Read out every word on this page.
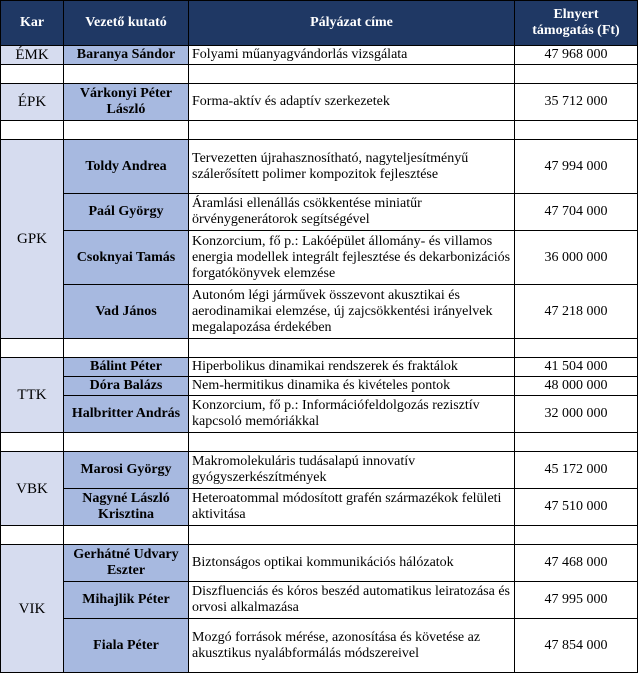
Kar	Vezető kutató	Pályázat címe	Elnyert
támogatás (Ft)
ÉMK	Baranya Sándor	Folyami műanyagvándorlás vizsgálata	47 968 000

ÉPK	Várkonyi Péter László	Forma-aktív és adaptív szerkezetek	35 712 000

GPK	Toldy Andrea	Tervezetten újrahasznosítható, nagyteljesítményű szálerősített polimer kompozitok fejlesztése	47 994 000
	Paál György	Áramlási ellenállás csökkentése miniatűr örvénygenerátorok segítségével	47 704 000
	Csoknyai Tamás	Konzorcium, fő p.: Lakóépület állomány- és villamos energia modellek integrált fejlesztése és dekarbonizációs forgatókönyvek elemzése	36 000 000
	Vad János	Autonóm légi járművek összevont akusztikai és aerodinamikai elemzése, új zajcsökkentési irányelvek megalapozása érdekében	47 218 000

TTK	Bálint Péter	Hiperbolikus dinamikai rendszerek és fraktálok	41 504 000
	Dóra Balázs	Nem-hermitikus dinamika és kivételes pontok	48 000 000
	Halbritter András	Konzorcium, fő p.: Információfeldolgozás rezisztív kapcsoló memóriákkal	32 000 000

VBK	Marosi György	Makromolekuláris tudásalapú innovatív gyógyszerkészítmények	45 172 000
	Nagyné László Krisztina	Heteroatommal módosított grafén származékok felületi aktivitása	47 510 000

VIK	Gerhátné Udvary Eszter	Biztonságos optikai kommunikációs hálózatok	47 468 000
	Mihajlik Péter	Diszfluenciás és kóros beszéd automatikus leiratozása és orvosi alkalmazása	47 995 000
	Fiala Péter	Mozgó források mérése, azonosítása és követése az akusztikus nyalábformálás módszereivel	47 854 000
